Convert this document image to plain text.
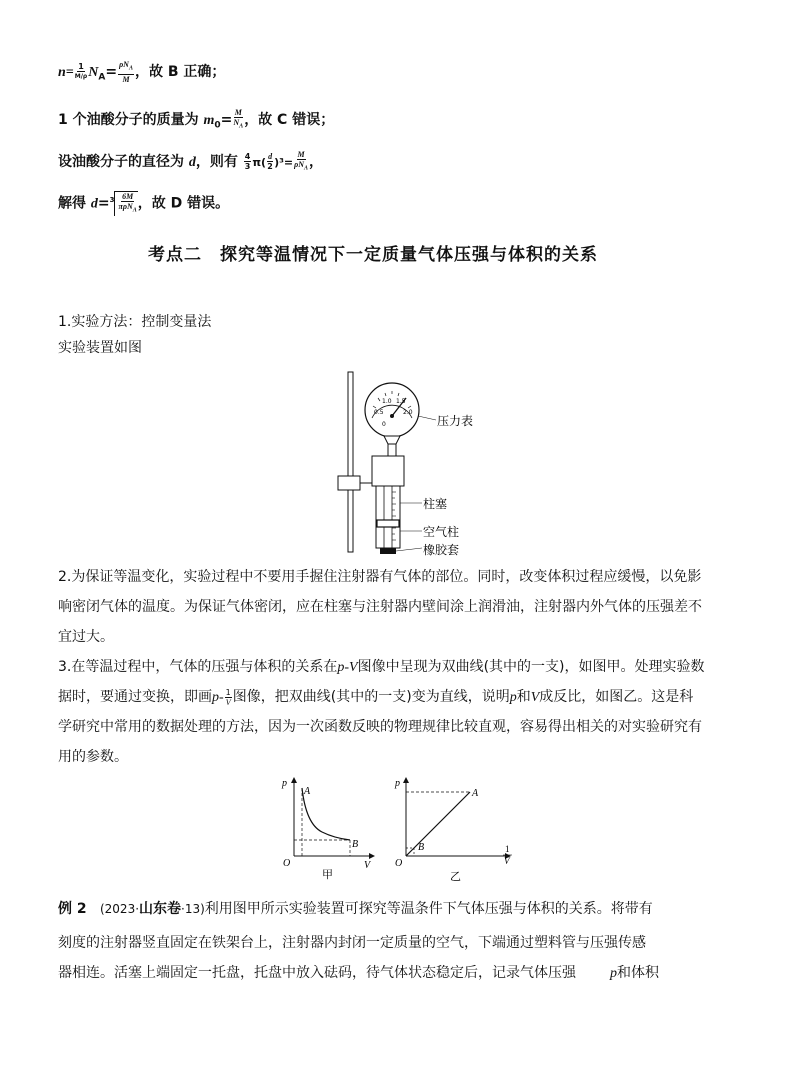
$n= \frac{1}{M/\rho} N_A= \frac{\rho N_A}{M}$ ，故 B 正确；
1 个油酸分子的质量为 $m_0= \frac{M}{N_A}$ ，故 C 错误；
设油酸分子的直径为 d，则有 $\frac{4}{3} \pi( \frac{d}{2} )^3= \frac{M}{\rho N_A}$ ，
解得 $d=^3 \frac{6M}{\pi\rho N_A}$ ，故 D 错误。
考点二　探究等温情况下一定质量气体压强与体积的关系
1.实验方法：控制变量法
实验装置如图
0.5
1.0 1.5
2.0
0	压力表
柱塞
空气柱
橡胶套
2.为保证等温变化，实验过程中不要用手握住注射器有气体的部位。同时，改变体积过程应缓慢，以免影
响密闭气体的温度。为保证气体密闭，应在柱塞与注射器内壁间涂上润滑油，注射器内外气体的压强差不
宜过大。
3.在等温过程中，气体的压强与体积的关系在p-V图像中呈现为双曲线(其中的一支)，如图甲。处理实验数
据时，要通过变换，即画$p- \frac{1}{V}$ 图像，把双曲线(其中的一支)变为直线，说明p和V成反比，如图乙。这是科
学研究中常用的数据处理的方法，因为一次函数反映的物理规律比较直观，容易得出相关的对实验研究有
用的参数。
p
V
O
A
B
甲
p
1
V
O
A
B
乙
例 2 (2023·山东卷·13)利用图甲所示实验装置可探究等温条件下气体压强与体积的关系。将带有
刻度的注射器竖直固定在铁架台上，注射器内封闭一定质量的空气，下端通过塑料管与压强传感
器相连。活塞上端固定一托盘，托盘中放入砝码，待气体状态稳定后，记录气体压强 p和体积
